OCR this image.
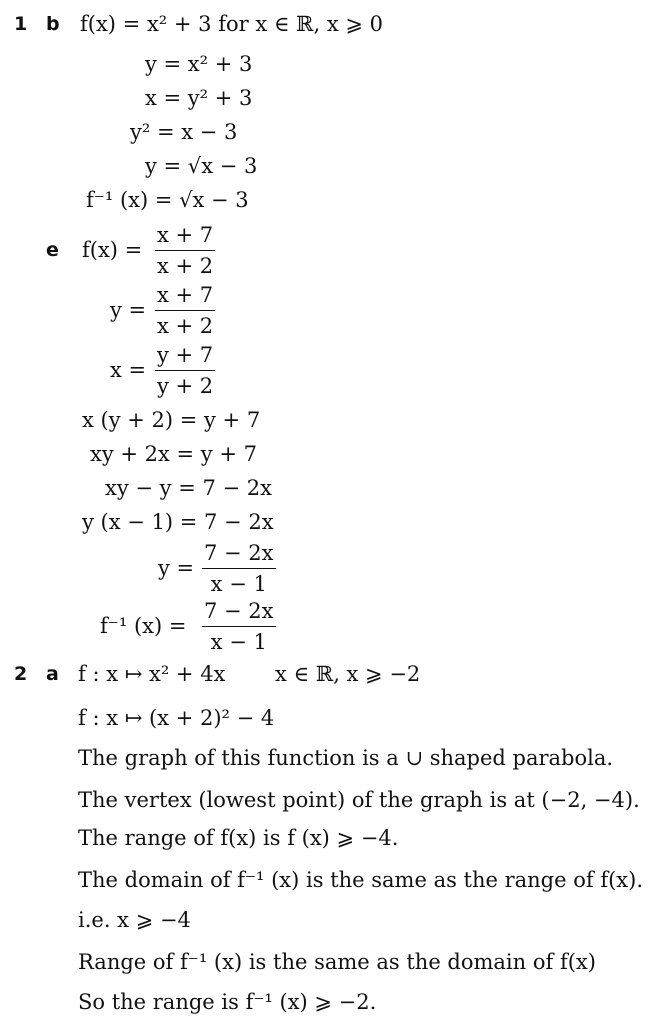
1 b f(x) = x² + 3 for x ∈ ℝ, x ⩾ 0
y = x² + 3
x = y² + 3
y² = x − 3
y = √x − 3
f⁻¹ (x) = √x − 3
e $f(x) = \frac{x + 7}{x + 2}$
$y = \frac{x + 7}{x + 2}$
$x = \frac{y + 7}{y + 2}$
x (y + 2) = y + 7
xy + 2x = y + 7
xy − y = 7 − 2x
y (x − 1) = 7 − 2x
$y = \frac{7 - 2x}{x - 1}$
f⁻¹ $(x) = \frac{7 - 2x}{x - 1}$
2 a f : x ↦ x² + 4x x ∈ ℝ, x ⩾ −2
f : x ↦ (x + 2)² − 4
The graph of this function is a ∪ shaped parabola.
The vertex (lowest point) of the graph is at (−2, −4).
The range of f(x) is f (x) ⩾ −4.
The domain of f⁻¹ (x) is the same as the range of f(x).
i.e. x ⩾ −4
Range of f⁻¹ (x) is the same as the domain of f(x)
So the range is f⁻¹ (x) ⩾ −2.
